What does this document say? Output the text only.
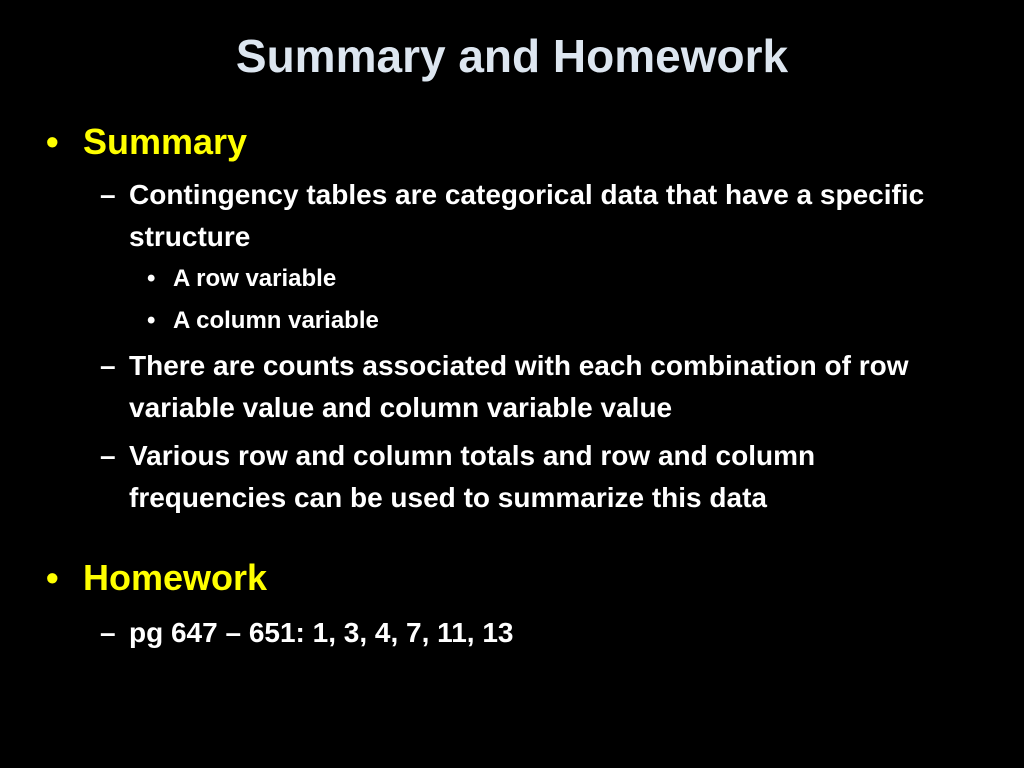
Summary and Homework
• Summary
– Contingency tables are categorical data that have a specific structure
• A row variable
• A column variable
– There are counts associated with each combination of row variable value and column variable value
– Various row and column totals and row and column frequencies can be used to summarize this data
• Homework
– pg 647 – 651: 1, 3, 4, 7, 11, 13
